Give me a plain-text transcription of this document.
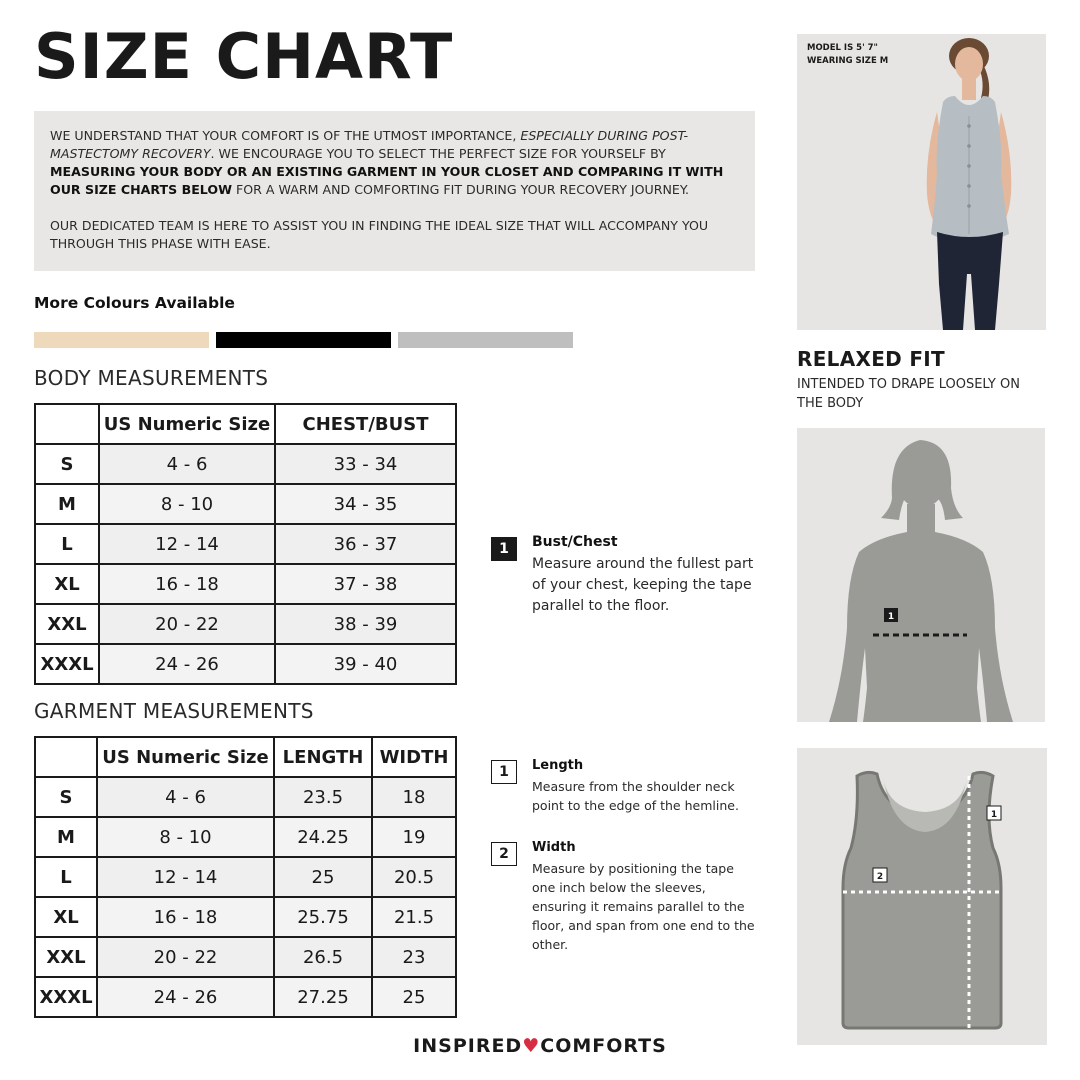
SIZE CHART

WE UNDERSTAND THAT YOUR COMFORT IS OF THE UTMOST IMPORTANCE, ESPECIALLY DURING POST-MASTECTOMY RECOVERY. WE ENCOURAGE YOU TO SELECT THE PERFECT SIZE FOR YOURSELF BY MEASURING YOUR BODY OR AN EXISTING GARMENT IN YOUR CLOSET AND COMPARING IT WITH OUR SIZE CHARTS BELOW FOR A WARM AND COMFORTING FIT DURING YOUR RECOVERY JOURNEY.

OUR DEDICATED TEAM IS HERE TO ASSIST YOU IN FINDING THE IDEAL SIZE THAT WILL ACCOMPANY YOU THROUGH THIS PHASE WITH EASE.

More Colours Available
BODY MEASUREMENTS
	US Numeric Size	CHEST/BUST
S	4 - 6	33 - 34
M	8 - 10	34 - 35
L	12 - 14	36 - 37
XL	16 - 18	37 - 38
XXL	20 - 22	38 - 39
XXXL	24 - 26	39 - 40
GARMENT MEASUREMENTS
	US Numeric Size	LENGTH	WIDTH
S	4 - 6	23.5	18
M	8 - 10	24.25	19
L	12 - 14	25	20.5
XL	16 - 18	25.75	21.5
XXL	20 - 22	26.5	23
XXXL	24 - 26	27.25	25
1	Bust/Chest
Measure around the fullest part of your chest, keeping the tape parallel to the floor.
1	Length
Measure from the shoulder neck point to the edge of the hemline.
2	Width
Measure by positioning the tape one inch below the sleeves, ensuring it remains parallel to the floor, and span from one end to the other.
MODEL IS 5' 7"
WEARING SIZE M
RELAXED FIT
INTENDED TO DRAPE LOOSELY ON THE BODY
1
1
2
INSPIRED♥COMFORTS
